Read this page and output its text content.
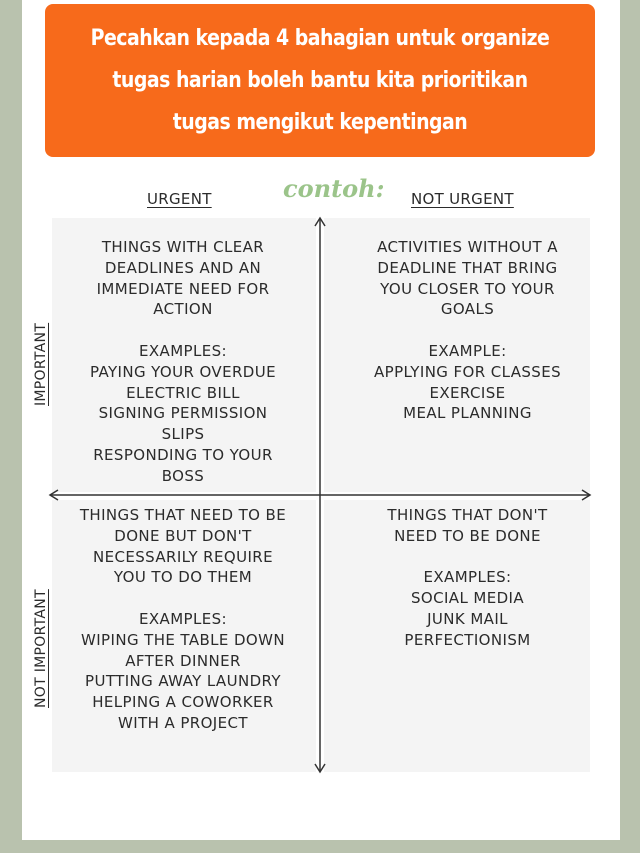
Pecahkan kepada 4 bahagian untuk organize
tugas harian boleh bantu kita prioritikan
tugas mengikut kepentingan
URGENT	contoh: NOT URGENT
THINGS WITH CLEAR
DEADLINES AND AN
IMMEDIATE NEED FOR
ACTION
EXAMPLES:
PAYING YOUR OVERDUE
ELECTRIC BILL
SIGNING PERMISSION
SLIPS
RESPONDING TO YOUR
BOSS
ACTIVITIES WITHOUT A
DEADLINE THAT BRING
YOU CLOSER TO YOUR
GOALS
EXAMPLE:
APPLYING FOR CLASSES
EXERCISE
MEAL PLANNING
THINGS THAT NEED TO BE
DONE BUT DON'T
NECESSARILY REQUIRE
YOU TO DO THEM
EXAMPLES:
WIPING THE TABLE DOWN
AFTER DINNER
PUTTING AWAY LAUNDRY
HELPING A COWORKER
WITH A PROJECT
THINGS THAT DON'T
NEED TO BE DONE
EXAMPLES:
SOCIAL MEDIA
JUNK MAIL
PERFECTIONISM
IMPORTANT
NOT IMPORTANT
